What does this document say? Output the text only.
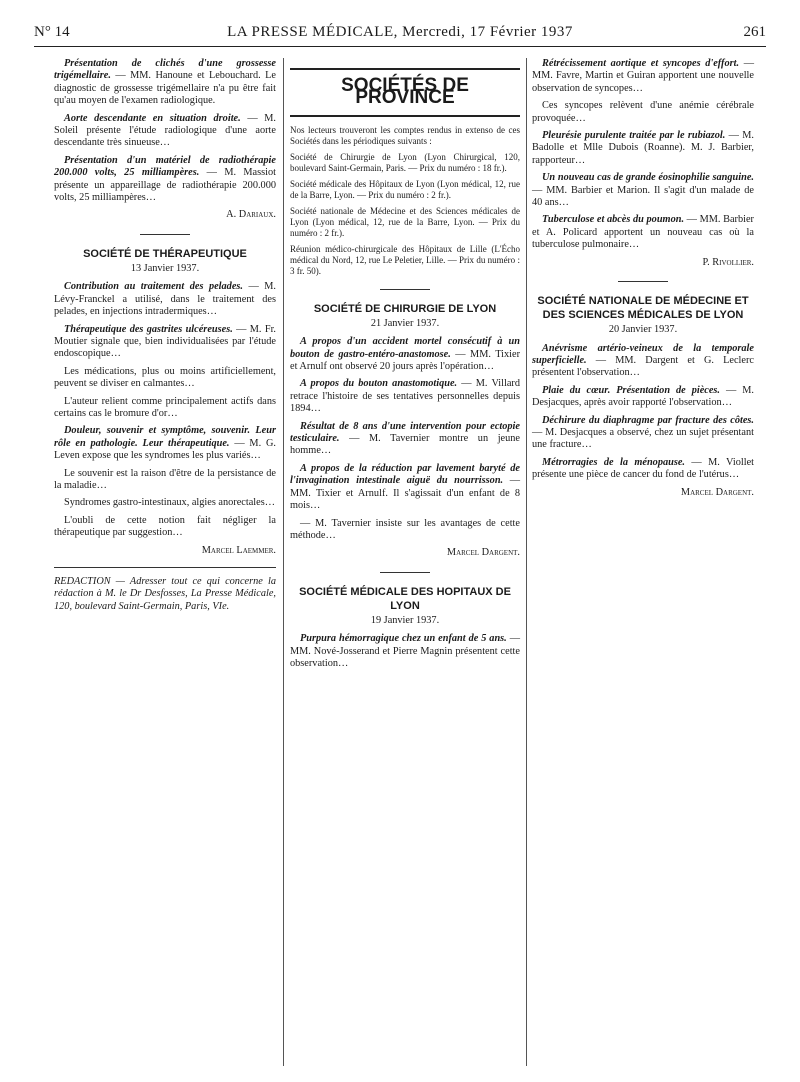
N° 14	LA PRESSE MÉDICALE, Mercredi, 17 Février 1937	261

Présentation de clichés d'une grossesse trigémellaire. — MM. Hanoune et Lebouchard. Le diagnostic de grossesse trigémellaire n'a pu être fait qu'au moyen de l'examen radiologique.

Aorte descendante en situation droite. — M. Soleil présente l'étude radiologique d'une aorte descendante très sinueuse…

Présentation d'un matériel de radiothérapie 200.000 volts, 25 milliampères. — M. Massiot présente un appareillage de radiothérapie 200.000 volts, 25 milliampères…

A. Dariaux.
SOCIÉTÉ DE THÉRAPEUTIQUE
13 Janvier 1937.

Contribution au traitement des pelades. — M. Lévy-Franckel a utilisé, dans le traitement des pelades, en injections intradermiques…

Thérapeutique des gastrites ulcéreuses. — M. Fr. Moutier signale que, bien individualisées par l'étude endoscopique…

Les médications, plus ou moins artificiellement, peuvent se diviser en calmantes…

L'auteur relient comme principalement actifs dans certains cas le bromure d'or…

Douleur, souvenir et symptôme, souvenir. Leur rôle en pathologie. Leur thérapeutique. — M. G. Leven expose que les syndromes les plus variés…

Le souvenir est la raison d'être de la persistance de la maladie…

Syndromes gastro-intestinaux, algies anorectales…

L'oubli de cette notion fait négliger la thérapeutique par suggestion…

Marcel Laemmer.
REDACTION — Adresser tout ce qui concerne la rédaction à M. le Dr Desfosses, La Presse Médicale, 120, boulevard Saint-Germain, Paris, VIe.
SOCIÉTÉS DE PROVINCE
Nos lecteurs trouveront les comptes rendus in extenso de ces Sociétés dans les périodiques suivants :
Société de Chirurgie de Lyon (Lyon Chirurgical, 120, boulevard Saint-Germain, Paris. — Prix du numéro : 18 fr.).
Société médicale des Hôpitaux de Lyon (Lyon médical, 12, rue de la Barre, Lyon. — Prix du numéro : 2 fr.).
Société nationale de Médecine et des Sciences médicales de Lyon (Lyon médical, 12, rue de la Barre, Lyon. — Prix du numéro : 2 fr.).
Réunion médico-chirurgicale des Hôpitaux de Lille (L'Écho médical du Nord, 12, rue Le Peletier, Lille. — Prix du numéro : 3 fr. 50).
SOCIÉTÉ DE CHIRURGIE DE LYON
21 Janvier 1937.

A propos d'un accident mortel consécutif à un bouton de gastro-entéro-anastomose. — MM. Tixier et Arnulf ont observé 20 jours après l'opération…

A propos du bouton anastomotique. — M. Villard retrace l'histoire de ses tentatives personnelles depuis 1894…

Résultat de 8 ans d'une intervention pour ectopie testiculaire. — M. Tavernier montre un jeune homme…

A propos de la réduction par lavement baryté de l'invagination intestinale aiguë du nourrisson. — MM. Tixier et Arnulf. Il s'agissait d'un enfant de 8 mois…

— M. Tavernier insiste sur les avantages de cette méthode…

Marcel Dargent.
SOCIÉTÉ MÉDICALE DES HOPITAUX DE LYON
19 Janvier 1937.

Purpura hémorragique chez un enfant de 5 ans. — MM. Nové-Josserand et Pierre Magnin présentent cette observation…

Rétrécissement aortique et syncopes d'effort. — MM. Favre, Martin et Guiran apportent une nouvelle observation de syncopes…

Ces syncopes relèvent d'une anémie cérébrale provoquée…

Pleurésie purulente traitée par le rubiazol. — M. Badolle et Mlle Dubois (Roanne). M. J. Barbier, rapporteur…

Un nouveau cas de grande éosinophilie sanguine. — MM. Barbier et Marion. Il s'agit d'un malade de 40 ans…

Tuberculose et abcès du poumon. — MM. Barbier et A. Policard apportent un nouveau cas où la tuberculose pulmonaire…

P. Rivollier.
SOCIÉTÉ NATIONALE DE MÉDECINE ET DES SCIENCES MÉDICALES DE LYON
20 Janvier 1937.

Anévrisme artério-veineux de la temporale superficielle. — MM. Dargent et G. Leclerc présentent l'observation…

Plaie du cœur. Présentation de pièces. — M. Desjacques, après avoir rapporté l'observation…

Déchirure du diaphragme par fracture des côtes. — M. Desjacques a observé, chez un sujet présentant une fracture…

Métrorragies de la ménopause. — M. Viollet présente une pièce de cancer du fond de l'utérus…

Marcel Dargent.
